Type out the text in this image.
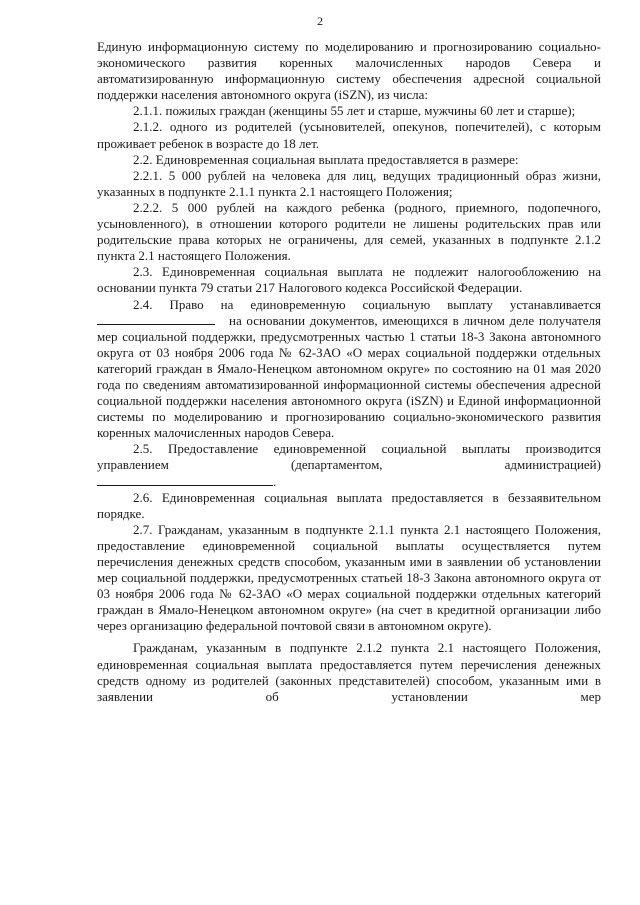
2

Единую информационную систему по моделированию и прогнозированию социально-экономического развития коренных малочисленных народов Севера и автоматизированную информационную систему обеспечения адресной социальной поддержки населения автономного округа (iSZN), из числа:

2.1.1. пожилых граждан (женщины 55 лет и старше, мужчины 60 лет и старше);

2.1.2. одного из родителей (усыновителей, опекунов, попечителей), с которым проживает ребенок в возрасте до 18 лет.

2.2. Единовременная социальная выплата предоставляется в размере:

2.2.1. 5 000 рублей на человека для лиц, ведущих традиционный образ жизни, указанных в подпункте 2.1.1 пункта 2.1 настоящего Положения;

2.2.2. 5 000 рублей на каждого ребенка (родного, приемного, подопечного, усыновленного), в отношении которого родители не лишены родительских прав или родительские права которых не ограничены, для семей, указанных в подпункте 2.1.2 пункта 2.1 настоящего Положения.

2.3. Единовременная социальная выплата не подлежит налогообложению на основании пункта 79 статьи 217 Налогового кодекса Российской Федерации.

2.4. Право на единовременную социальную выплату устанавливается
на основании документов, имеющихся в личном деле получателя мер социальной поддержки, предусмотренных частью 1 статьи 18-3 Закона автономного округа от 03 ноября 2006 года № 62-ЗАО «О мерах социальной поддержки отдельных категорий граждан в Ямало-Ненецком автономном округе» по состоянию на 01 мая 2020 года по сведениям автоматизированной информационной системы обеспечения адресной социальной поддержки населения автономного округа (iSZN) и Единой информационной системы по моделированию и прогнозированию социально-экономического развития коренных малочисленных народов Севера.
2.5. Предоставление единовременной социальной выплаты производится
управлением	(департаментом,	администрацией)
.

2.6. Единовременная социальная выплата предоставляется в беззаявительном порядке.

2.7. Гражданам, указанным в подпункте 2.1.1 пункта 2.1 настоящего Положения, предоставление единовременной социальной выплаты осуществляется путем перечисления денежных средств способом, указанным ими в заявлении об установлении мер социальной поддержки, предусмотренных статьей 18-3 Закона автономного округа от 03 ноября 2006 года № 62-ЗАО «О мерах социальной поддержки отдельных категорий граждан в Ямало-Ненецком автономном округе» (на счет в кредитной организации либо через организацию федеральной почтовой связи в автономном округе).

Гражданам, указанным в подпункте 2.1.2 пункта 2.1 настоящего Положения, единовременная социальная выплата предоставляется путем перечисления денежных средств одному из родителей (законных представителей) способом, указанным ими в заявлении об установлении мер
